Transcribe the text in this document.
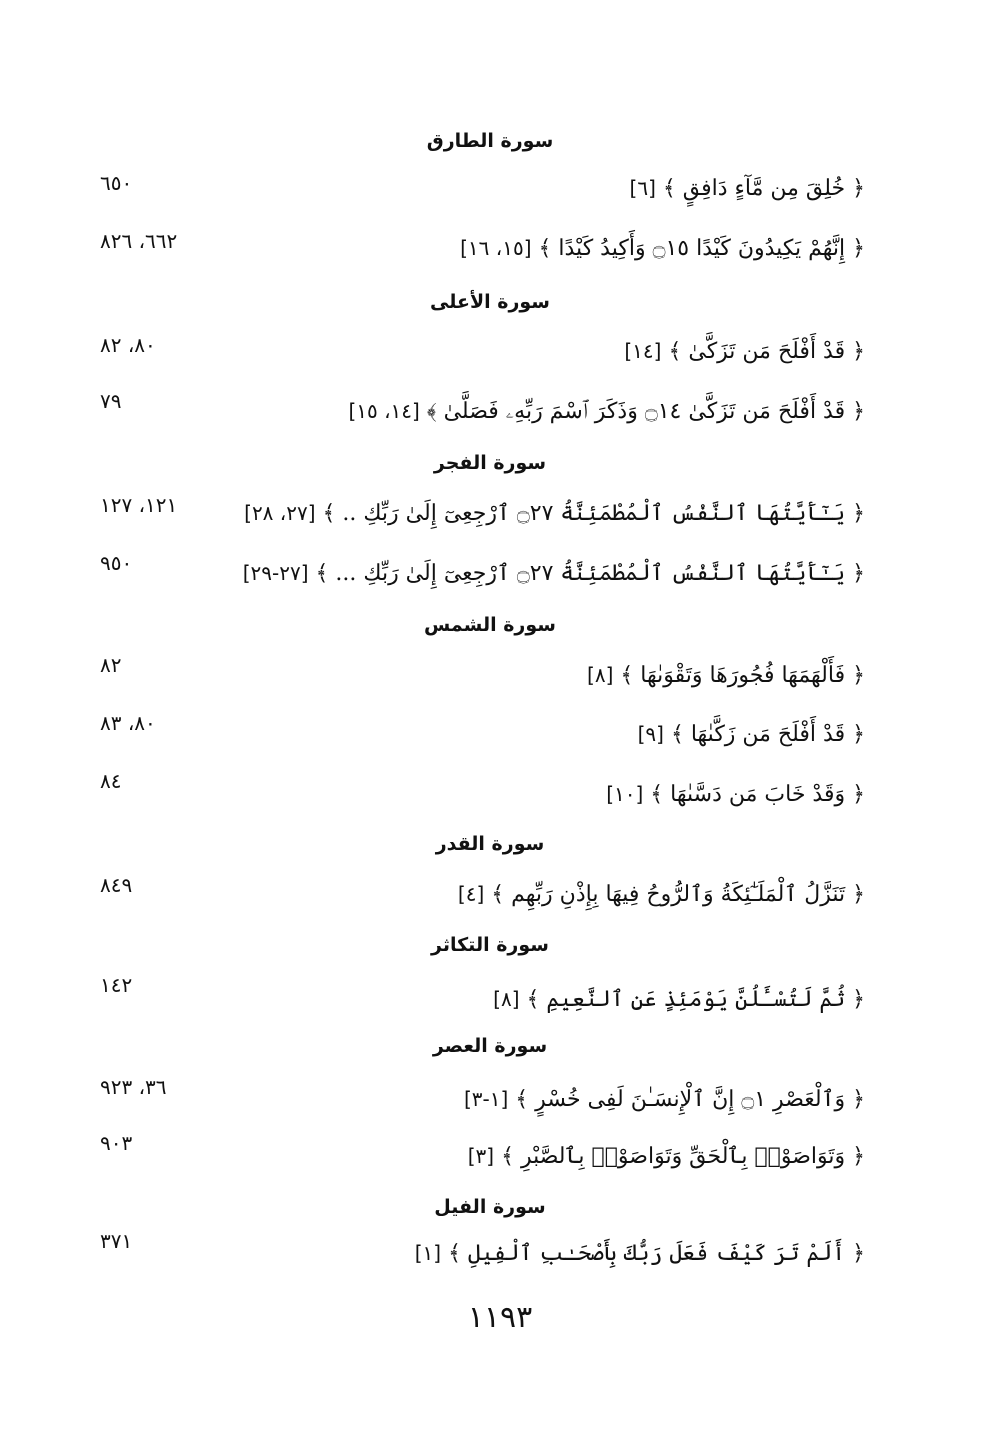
سورة الطارق
﴿ خُلِقَ مِن مَّآءٍ دَافِقٍ ﴾ [٦]
٦٥٠
﴿ إِنَّهُمْ يَكِيدُونَ كَيْدًا ۝١٥ وَأَكِيدُ كَيْدًا ﴾ [١٥، ١٦]
٦٦٢، ٨٢٦
سورة الأعلى
﴿ قَدْ أَفْلَحَ مَن تَزَكَّىٰ ﴾ [١٤]
٨٠، ٨٢
﴿ قَدْ أَفْلَحَ مَن تَزَكَّىٰ ۝١٤ وَذَكَرَ ٱسْمَ رَبِّهِۦ فَصَلَّىٰ ﴾ [١٤، ١٥]
٧٩
سورة الفجر
﴿ يَـٰٓأَيَّتُهَا ٱلنَّفْسُ ٱلْمُطْمَئِنَّةُ ۝٢٧ ٱرْجِعِىٓ إِلَىٰ رَبِّكِ .. ﴾ [٢٧، ٢٨]
١٢١، ١٢٧
﴿ يَـٰٓأَيَّتُهَا ٱلنَّفْسُ ٱلْمُطْمَئِنَّةُ ۝٢٧ ٱرْجِعِىٓ إِلَىٰ رَبِّكِ ... ﴾ [٢٧-٢٩]
٩٥٠
سورة الشمس
﴿ فَأَلْهَمَهَا فُجُورَهَا وَتَقْوَىٰهَا ﴾ [٨]
٨٢
﴿ قَدْ أَفْلَحَ مَن زَكَّىٰهَا ﴾ [٩]
٨٠، ٨٣
﴿ وَقَدْ خَابَ مَن دَسَّىٰهَا ﴾ [١٠]
٨٤
سورة القدر
﴿ تَنَزَّلُ ٱلْمَلَـٰٓئِكَةُ وَٱلرُّوحُ فِيهَا بِإِذْنِ رَبِّهِم ﴾ [٤]
٨٤٩
سورة التكاثر
﴿ ثُمَّ لَتُسْـَٔلُنَّ يَوْمَئِذٍ عَنِ ٱلنَّعِيمِ ﴾ [٨]
١٤٢
سورة العصر
﴿ وَٱلْعَصْرِ ۝١ إِنَّ ٱلْإِنسَـٰنَ لَفِى خُسْرٍ ﴾ [١-٣]
٣٦، ٩٢٣
﴿ وَتَوَاصَوْا۟ بِٱلْحَقِّ وَتَوَاصَوْا۟ بِٱلصَّبْرِ ﴾ [٣]
٩٠٣
سورة الفيل
﴿ أَلَمْ تَرَ كَيْفَ فَعَلَ رَبُّكَ بِأَصْحَـٰبِ ٱلْفِيلِ ﴾ [١]
٣٧١
١١٩٣
